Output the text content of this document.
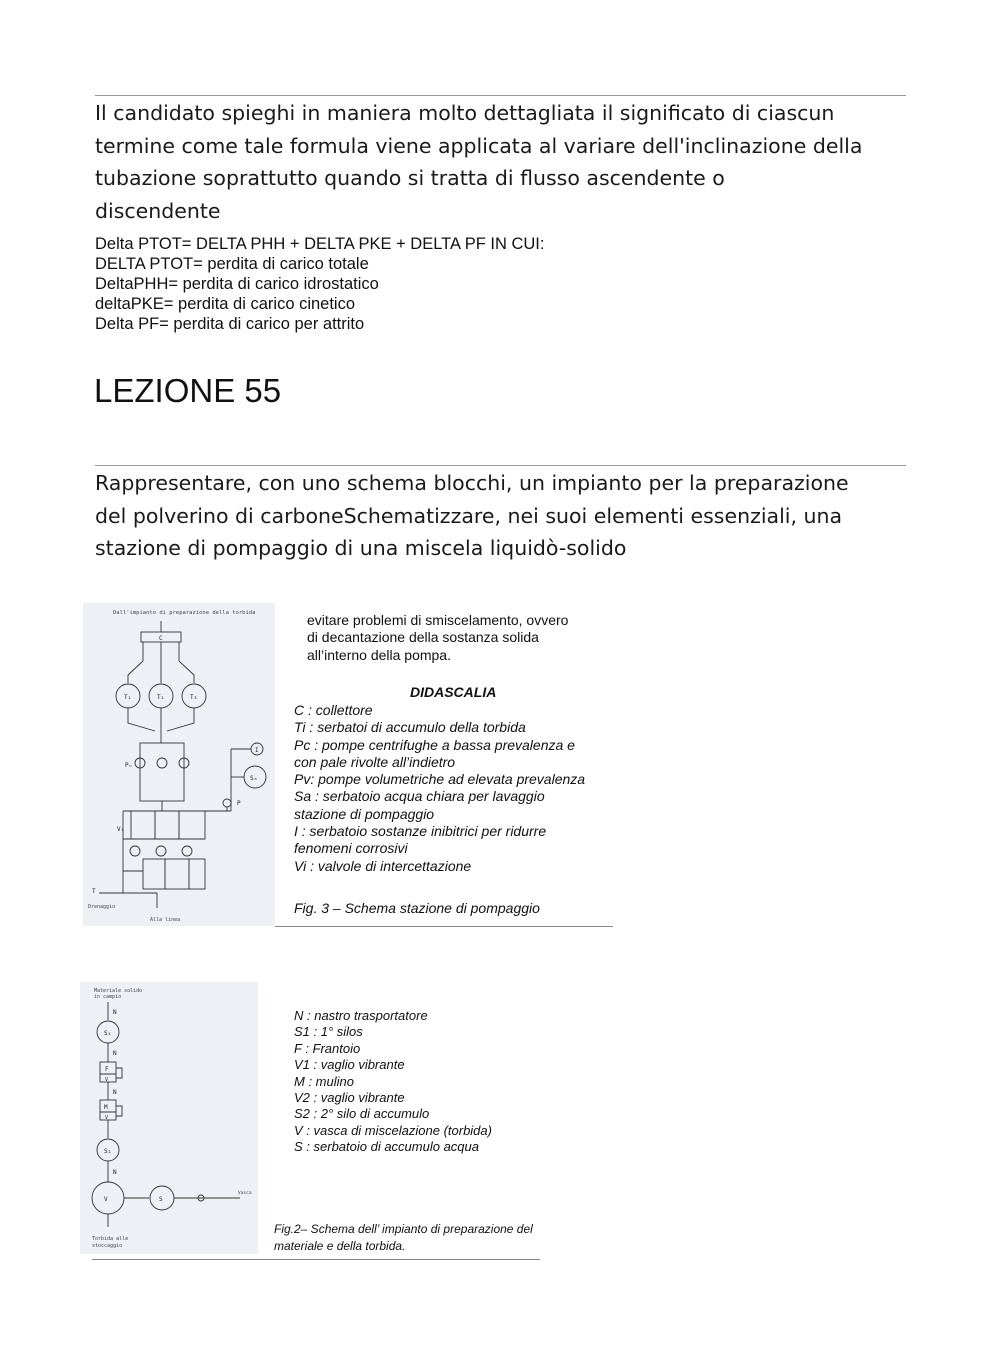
Il candidato spieghi in maniera molto dettagliata il significato di ciascun
termine come tale formula viene applicata al variare dell'inclinazione della
tubazione soprattutto quando si tratta di flusso ascendente o
discendente
Delta PTOT= DELTA PHH + DELTA PKE + DELTA PF IN CUI:
DELTA PTOT= perdita di carico totale
DeltaPHH= perdita di carico idrostatico
deltaPKE= perdita di carico cinetico
Delta PF= perdita di carico per attrito
LEZIONE 55
Rappresentare, con uno schema blocchi, un impianto per la preparazione
del polverino di carboneSchematizzare, nei suoi elementi essenziali, una
stazione di pompaggio di una miscela liquidò-solido
Dall'impianto di preparazione della torbida
C
T₁	T₂	T₃
Pₙ
I
Sₐ
P
V₁
T
Drenaggio
Alla linea
evitare problemi di smiscelamento, ovvero
di decantazione della sostanza solida
all’interno della pompa.
DIDASCALIA
C : collettore
Ti : serbatoi di accumulo della torbida
Pc : pompe centrifughe a bassa prevalenza e
con pale rivolte all’indietro
Pv: pompe volumetriche ad elevata prevalenza
Sa : serbatoio acqua chiara per lavaggio
stazione di pompaggio
I : serbatoio sostanze inibitrici per ridurre
fenomeni corrosivi
Vi : valvole di intercettazione
Fig. 3 – Schema stazione di pompaggio
Materiale solido
in campio
N
S₁
N
F
V
N
M
V
S₂
N
V	S
Vasca
Torbida alle
stoccaggio
N : nastro trasportatore
S1 : 1° silos
F : Frantoio
V1 : vaglio vibrante
M : mulino
V2 : vaglio vibrante
S2 : 2° silo di accumulo
V : vasca di miscelazione (torbida)
S : serbatoio di accumulo acqua
Fig.2– Schema dell’ impianto di preparazione del
materiale e della torbida.
